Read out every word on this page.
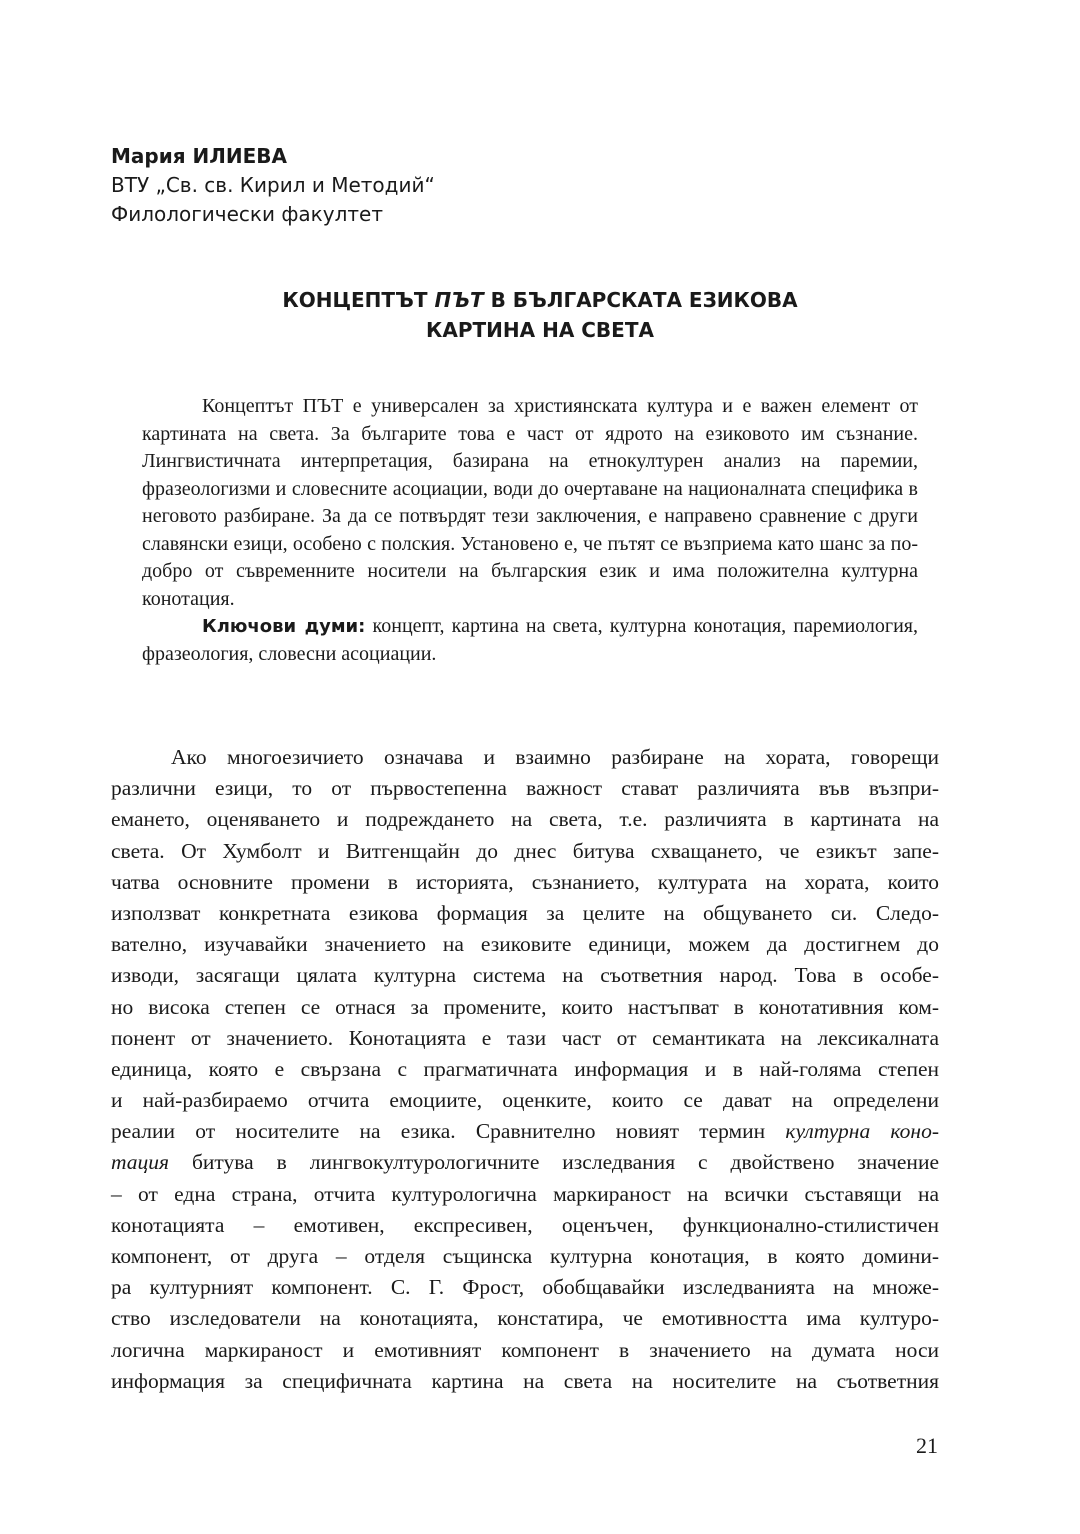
Мария ИЛИЕВА
ВТУ „Св. св. Кирил и Методий“
Филологически факултет
КОНЦЕПТЪТ ПЪТ В БЪЛГАРСКАТА ЕЗИКОВА
КАРТИНА НА СВЕТА

Концептът ПЪТ е универсален за християнската култура и е важен елемент от картината на света. За българите това е част от ядрото на езиковото им съзнание. Лингвистичната интерпретация, базирана на етнокултурен анализ на паремии, фразеологизми и словесните асоциации, води до очертаване на националната специфика в неговото разбиране. За да се потвърдят тези заключения, е направено сравнение с други славянски езици, особено с полския. Установено е, че пътят се възприема като шанс за по-добро от съвременните носители на българския език и има положителна културна конотация.

Ключови думи: концепт, картина на света, културна конотация, паремиология, фразеология, словесни асоциации.

Ако многоезичието означава и взаимно разбиране на хората, говорещи
различни езици, то от първостепенна важност стават различията във възпри-
емането, оценяването и подреждането на света, т.е. различията в картината на
света. От Хумболт и Витгенщайн до днес битува схващането, че езикът запе-
чатва основните промени в историята, съзнанието, културата на хората, които
използват конкретната езикова формация за целите на общуването си. Следо-
вателно, изучавайки значението на езиковите единици, можем да достигнем до
изводи, засягащи цялата културна система на съответния народ. Това в особе-
но висока степен се отнася за промените, които настъпват в конотативния ком-
понент от значението. Конотацията е тази част от семантиката на лексикалната
единица, която е свързана с прагматичната информация и в най-голяма степен
и най-разбираемо отчита емоциите, оценките, които се дават на определени
реалии от носителите на езика. Сравнително новият термин културна коно-
тация битува в лингвокултурологичните изследвания с двойствено значение
– от една страна, отчита културологична маркираност на всички съставящи на
конотацията – емотивен, експресивен, оценъчен, функционално-стилистичен
компонент, от друга – отделя същинска културна конотация, в която домини-
ра културният компонент. С. Г. Фрост, обобщавайки изследванията на множе-
ство изследователи на конотацията, констатира, че емотивността има културо-
логична маркираност и емотивният компонент в значението на думата носи
информация за специфичната картина на света на носителите на съответния
21
